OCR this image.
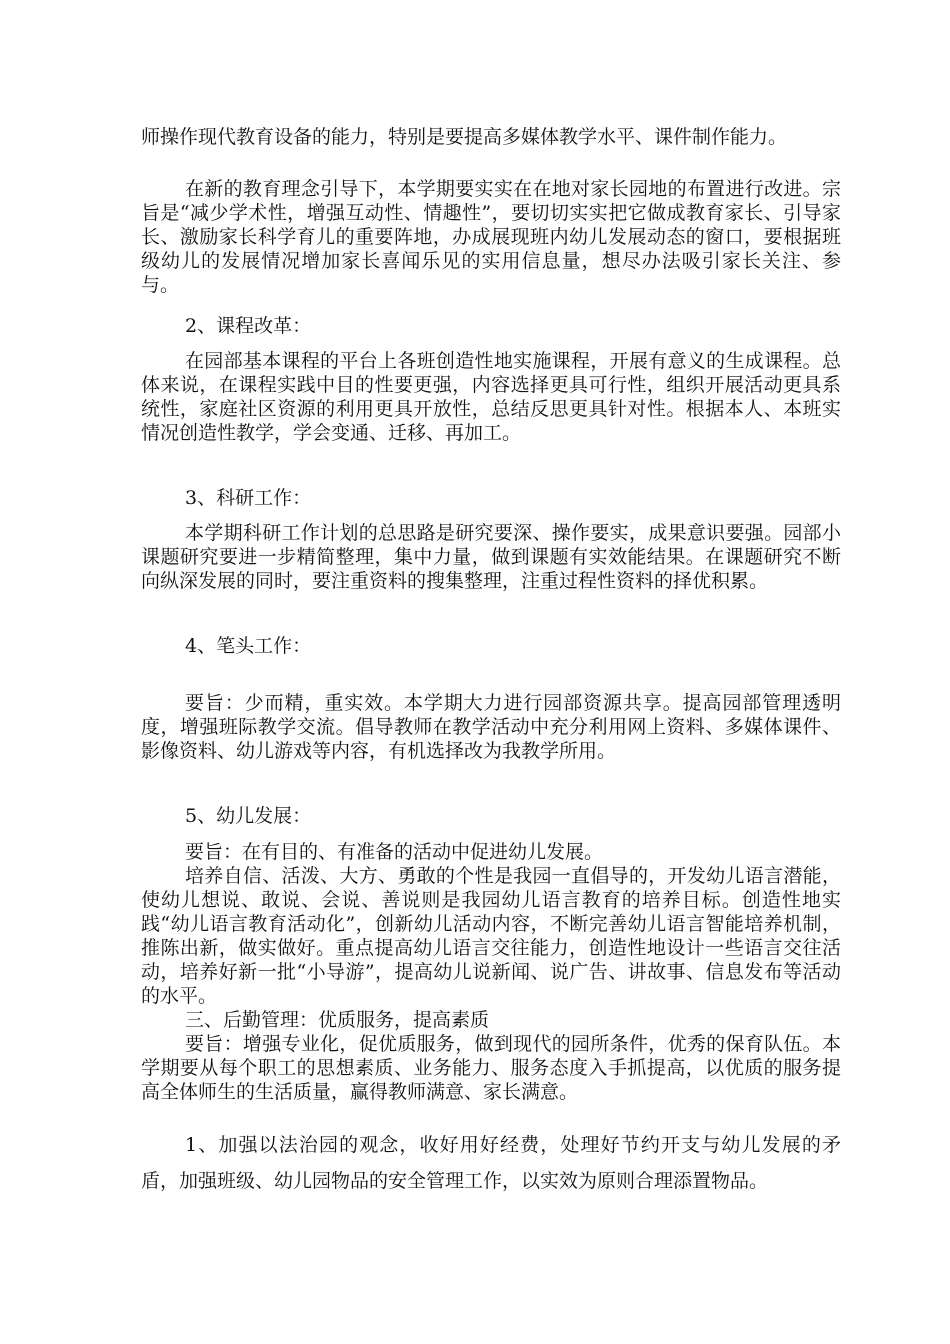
师操作现代教育设备的能力，特别是要提高多媒体教学水平、课件制作能力。

在新的教育理念引导下，本学期要实实在在地对家长园地的布置进行改进。宗旨是“减少学术性，增强互动性、情趣性”，要切切实实把它做成教育家长、引导家长、激励家长科学育儿的重要阵地，办成展现班内幼儿发展动态的窗口，要根据班级幼儿的发展情况增加家长喜闻乐见的实用信息量，想尽办法吸引家长关注、参与。

2、课程改革：

在园部基本课程的平台上各班创造性地实施课程，开展有意义的生成课程。总体来说，在课程实践中目的性要更强，内容选择更具可行性，组织开展活动更具系统性，家庭社区资源的利用更具开放性，总结反思更具针对性。根据本人、本班实情况创造性教学，学会变通、迁移、再加工。

3、科研工作：

本学期科研工作计划的总思路是研究要深、操作要实，成果意识要强。园部小课题研究要进一步精简整理，集中力量，做到课题有实效能结果。在课题研究不断向纵深发展的同时，要注重资料的搜集整理，注重过程性资料的择优积累。

4、笔头工作：

要旨：少而精，重实效。本学期大力进行园部资源共享。提高园部管理透明度，增强班际教学交流。倡导教师在教学活动中充分利用网上资料、多媒体课件、影像资料、幼儿游戏等内容，有机选择改为我教学所用。

5、幼儿发展：

要旨：在有目的、有准备的活动中促进幼儿发展。

培养自信、活泼、大方、勇敢的个性是我园一直倡导的，开发幼儿语言潜能，使幼儿想说、敢说、会说、善说则是我园幼儿语言教育的培养目标。创造性地实践“幼儿语言教育活动化”，创新幼儿活动内容，不断完善幼儿语言智能培养机制，推陈出新，做实做好。重点提高幼儿语言交往能力，创造性地设计一些语言交往活动，培养好新一批“小导游”，提高幼儿说新闻、说广告、讲故事、信息发布等活动的水平。

三、后勤管理：优质服务，提高素质

要旨：增强专业化，促优质服务，做到现代的园所条件，优秀的保育队伍。本学期要从每个职工的思想素质、业务能力、服务态度入手抓提高，以优质的服务提高全体师生的生活质量，赢得教师满意、家长满意。

1、加强以法治园的观念，收好用好经费，处理好节约开支与幼儿发展的矛盾，加强班级、幼儿园物品的安全管理工作，以实效为原则合理添置物品。
